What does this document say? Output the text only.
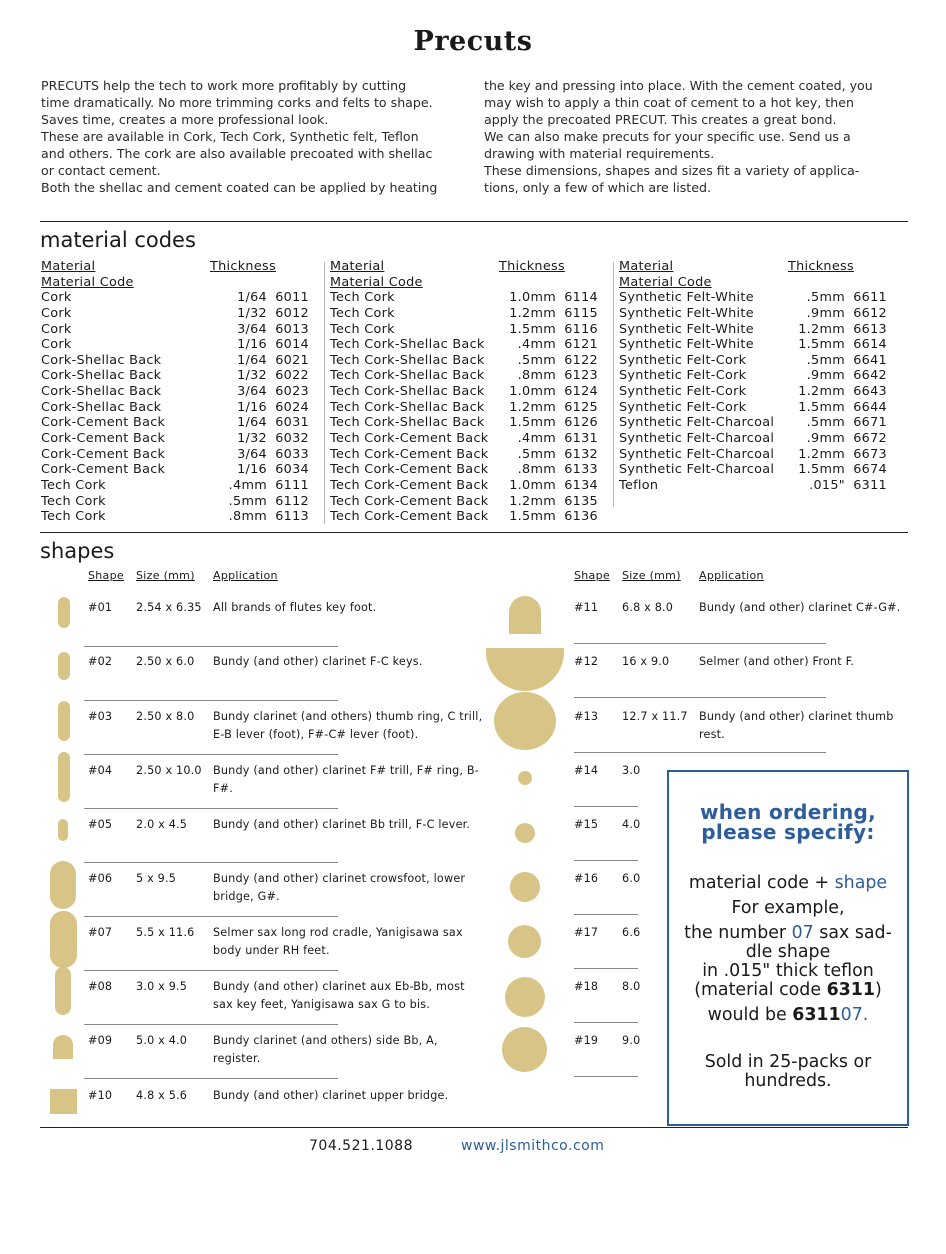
Precuts

PRECUTS help the tech to work more profitably by cutting

time dramatically. No more trimming corks and felts to shape.

Saves time, creates a more professional look.

These are available in Cork, Tech Cork, Synthetic felt, Teflon

and others. The cork are also available precoated with shellac

or contact cement.

Both the shellac and cement coated can be applied by heating

the key and pressing into place. With the cement coated, you

may wish to apply a thin coat of cement to a hot key, then

apply the precoated PRECUT. This creates a great bond.

We can also make precuts for your specific use. Send us a

drawing with material requirements.

These dimensions, shapes and sizes fit a variety of applica-

tions, only a few of which are listed.

material codes
Material	Thickness
Material Code
Cork	1/64 6011
Cork	1/32 6012
Cork	3/64 6013
Cork	1/16 6014
Cork-Shellac Back	1/64 6021
Cork-Shellac Back	1/32 6022
Cork-Shellac Back	3/64 6023
Cork-Shellac Back	1/16 6024
Cork-Cement Back	1/64 6031
Cork-Cement Back	1/32 6032
Cork-Cement Back	3/64 6033
Cork-Cement Back	1/16 6034
Tech Cork	.4mm 6111
Tech Cork	.5mm 6112
Tech Cork	.8mm 6113
Material	Thickness
Material Code
Tech Cork	1.0mm 6114
Tech Cork	1.2mm 6115
Tech Cork	1.5mm 6116
Tech Cork-Shellac Back	.4mm 6121
Tech Cork-Shellac Back	.5mm 6122
Tech Cork-Shellac Back	.8mm 6123
Tech Cork-Shellac Back 1.0mm 6124
Tech Cork-Shellac Back 1.2mm 6125
Tech Cork-Shellac Back 1.5mm 6126
Tech Cork-Cement Back .4mm 6131
Tech Cork-Cement Back .5mm 6132
Tech Cork-Cement Back .8mm 6133
Tech Cork-Cement Back 1.0mm 6134
Tech Cork-Cement Back 1.2mm 6135
Tech Cork-Cement Back 1.5mm 6136
Material	Thickness
Material Code
Synthetic Felt-White	.5mm 6611
Synthetic Felt-White	.9mm 6612
Synthetic Felt-White	1.2mm 6613
Synthetic Felt-White	1.5mm 6614
Synthetic Felt-Cork	.5mm 6641
Synthetic Felt-Cork	.9mm 6642
Synthetic Felt-Cork	1.2mm 6643
Synthetic Felt-Cork	1.5mm 6644
Synthetic Felt-Charcoal	.5mm 6671
Synthetic Felt-Charcoal	.9mm 6672
Synthetic Felt-Charcoal 1.2mm 6673
Synthetic Felt-Charcoal 1.5mm 6674
Teflon	.015" 6311
shapes
Shape Size (mm) Application	Shape Size (mm) Application
#01	2.54 x 6.35	All brands of flutes key foot.
#02	2.50 x 6.0	Bundy (and other) clarinet F-C keys.
#03	2.50 x 8.0	Bundy clarinet (and others) thumb ring, C trill, E-B lever (foot), F#-C# lever (foot).
#04	2.50 x 10.0	Bundy (and other) clarinet F# trill, F# ring, B-F#.
#05	2.0 x 4.5	Bundy (and other) clarinet Bb trill, F-C lever.
#06	5 x 9.5	Bundy (and other) clarinet crowsfoot, lower bridge, G#.
#07	5.5 x 11.6	Selmer sax long rod cradle, Yanigisawa sax body under RH feet.
#08	3.0 x 9.5	Bundy (and other) clarinet aux Eb-Bb, most sax key feet, Yanigisawa sax G to bis.
#09	5.0 x 4.0	Bundy clarinet (and others) side Bb, A, register.
#10	4.8 x 5.6	Bundy (and other) clarinet upper bridge.
#11	6.8 x 8.0	Bundy (and other) clarinet C#-G#.
#12	16 x 9.0	Selmer (and other) Front F.
#13	12.7 x 11.7	Bundy (and other) clarinet thumb rest.
#14	3.0
#15	4.0
#16	6.0
#17	6.6
#18	8.0
#19	9.0
when ordering,
please specify:
material code + shape
For example,
the number 07 sax sad-
dle shape
in .015" thick teflon
(material code 6311)
would be 631107.
Sold in 25-packs or
hundreds.
704.521.1088	www.jlsmithco.com
